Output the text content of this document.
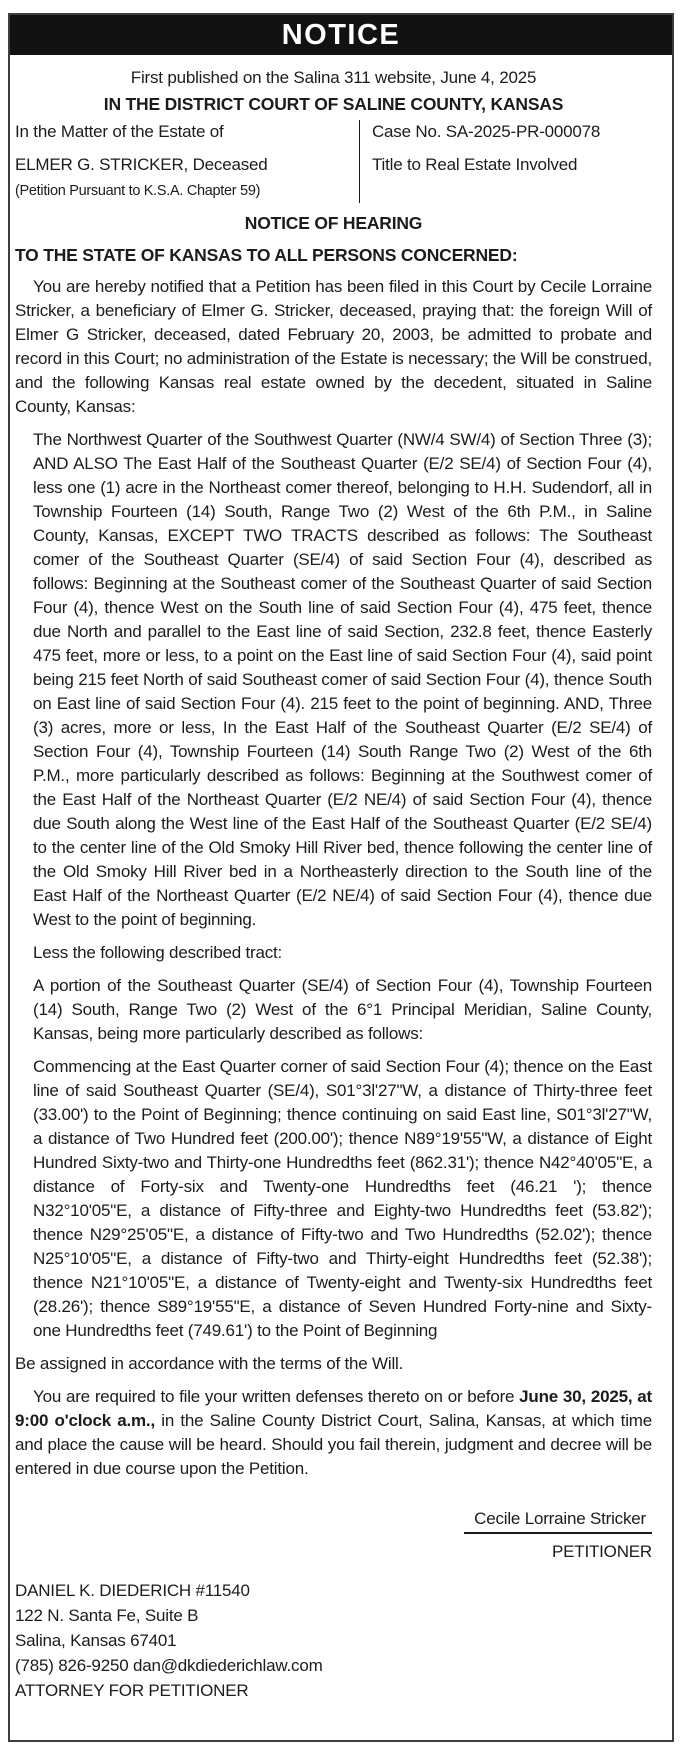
NOTICE
First published on the Salina 311 website, June 4, 2025
IN THE DISTRICT COURT OF SALINE COUNTY, KANSAS
In the Matter of the Estate of
ELMER G. STRICKER, Deceased
(Petition Pursuant to K.S.A. Chapter 59)
Case No. SA-2025-PR-000078
Title to Real Estate Involved
NOTICE OF HEARING
TO THE STATE OF KANSAS TO ALL PERSONS CONCERNED:

You are hereby notified that a Petition has been filed in this Court by Cecile Lorraine Stricker, a beneficiary of Elmer G. Stricker, deceased, praying that: the foreign Will of Elmer G Stricker, deceased, dated February 20, 2003, be admitted to probate and record in this Court; no administration of the Estate is necessary; the Will be construed, and the following Kansas real estate owned by the decedent, situated in Saline County, Kansas:

The Northwest Quarter of the Southwest Quarter (NW/4 SW/4) of Section Three (3); AND ALSO The East Half of the Southeast Quarter (E/2 SE/4) of Section Four (4), less one (1) acre in the Northeast comer thereof, belonging to H.H. Sudendorf, all in Township Fourteen (14) South, Range Two (2) West of the 6th P.M., in Saline County, Kansas, EXCEPT TWO TRACTS described as follows: The Southeast comer of the Southeast Quarter (SE/4) of said Section Four (4), described as follows: Beginning at the Southeast comer of the Southeast Quarter of said Section Four (4), thence West on the South line of said Section Four (4), 475 feet, thence due North and parallel to the East line of said Section, 232.8 feet, thence Easterly 475 feet, more or less, to a point on the East line of said Section Four (4), said point being 215 feet North of said Southeast comer of said Section Four (4), thence South on East line of said Section Four (4). 215 feet to the point of beginning. AND, Three (3) acres, more or less, In the East Half of the Southeast Quarter (E/2 SE/4) of Section Four (4), Township Fourteen (14) South Range Two (2) West of the 6th P.M., more particularly described as follows: Beginning at the Southwest comer of the East Half of the Northeast Quarter (E/2 NE/4) of said Section Four (4), thence due South along the West line of the East Half of the Southeast Quarter (E/2 SE/4) to the center line of the Old Smoky Hill River bed, thence following the center line of the Old Smoky Hill River bed in a Northeasterly direction to the South line of the East Half of the Northeast Quarter (E/2 NE/4) of said Section Four (4), thence due West to the point of beginning.

Less the following described tract:

A portion of the Southeast Quarter (SE/4) of Section Four (4), Township Fourteen (14) South, Range Two (2) West of the 6°1 Principal Meridian, Saline County, Kansas, being more particularly described as follows:

Commencing at the East Quarter corner of said Section Four (4); thence on the East line of said Southeast Quarter (SE/4), S01°3l'27"W, a distance of Thirty-three feet (33.00') to the Point of Beginning; thence continuing on said East line, S01°3l'27"W, a distance of Two Hundred feet (200.00'); thence N89°19'55"W, a distance of Eight Hundred Sixty-two and Thirty-one Hundredths feet (862.31'); thence N42°40'05"E, a distance of Forty-six and Twenty-one Hundredths feet (46.21 '); thence N32°10'05"E, a distance of Fifty-three and Eighty-two Hundredths feet (53.82'); thence N29°25'05"E, a distance of Fifty-two and Two Hundredths (52.02'); thence N25°10'05"E, a distance of Fifty-two and Thirty-eight Hundredths feet (52.38'); thence N21°10'05"E, a distance of Twenty-eight and Twenty-six Hundredths feet (28.26'); thence S89°19'55"E, a distance of Seven Hundred Forty-nine and Sixty-one Hundredths feet (749.61') to the Point of Beginning

Be assigned in accordance with the terms of the Will.

You are required to file your written defenses thereto on or before June 30, 2025, at 9:00 o'clock a.m., in the Saline County District Court, Salina, Kansas, at which time and place the cause will be heard. Should you fail therein, judgment and decree will be entered in due course upon the Petition.

Cecile Lorraine Stricker
PETITIONER
DANIEL K. DIEDERICH #11540
122 N. Santa Fe, Suite B
Salina, Kansas 67401
(785) 826-9250 dan@dkdiederichlaw.com
ATTORNEY FOR PETITIONER
